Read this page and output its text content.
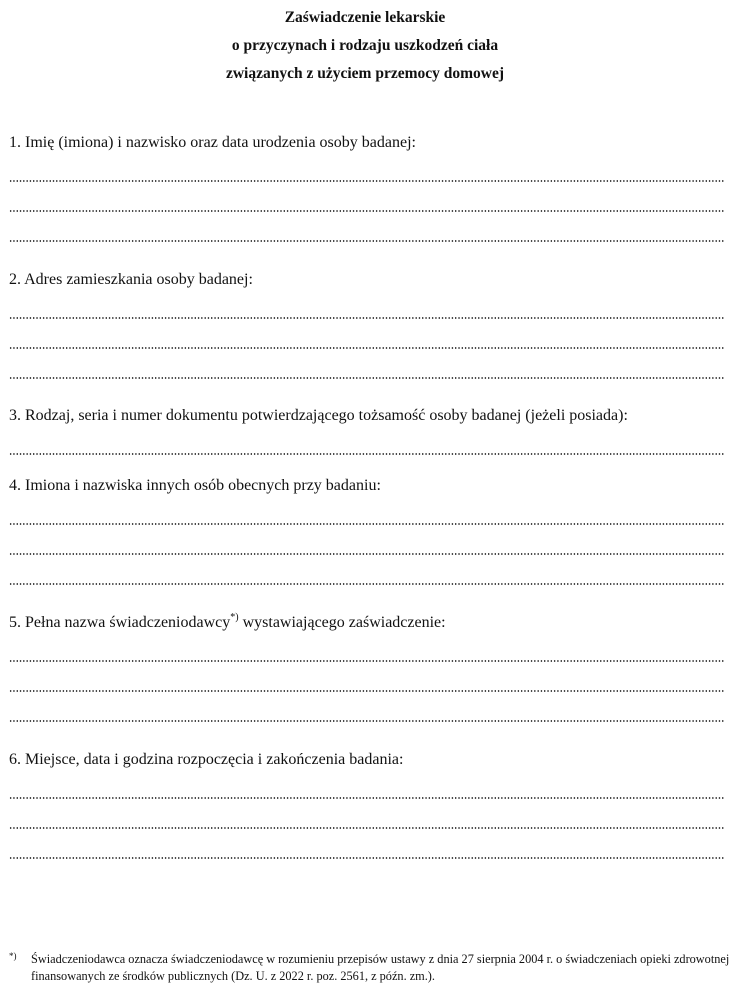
Zaświadczenie lekarskie
o przyczynach i rodzaju uszkodzeń ciała
związanych z użyciem przemocy domowej
1. Imię (imiona) i nazwisko oraz data urodzenia osoby badanej:
2. Adres zamieszkania osoby badanej:
3. Rodzaj, seria i numer dokumentu potwierdzającego tożsamość osoby badanej (jeżeli posiada):
4. Imiona i nazwiska innych osób obecnych przy badaniu:
5. Pełna nazwa świadczeniodawcy*) wystawiającego zaświadczenie:
6. Miejsce, data i godzina rozpoczęcia i zakończenia badania:
*) Świadczeniodawca oznacza świadczeniodawcę w rozumieniu przepisów ustawy z dnia 27 sierpnia 2004 r. o świadczeniach opieki zdrowotnej finansowanych ze środków publicznych (Dz. U. z 2022 r. poz. 2561, z późn. zm.).
